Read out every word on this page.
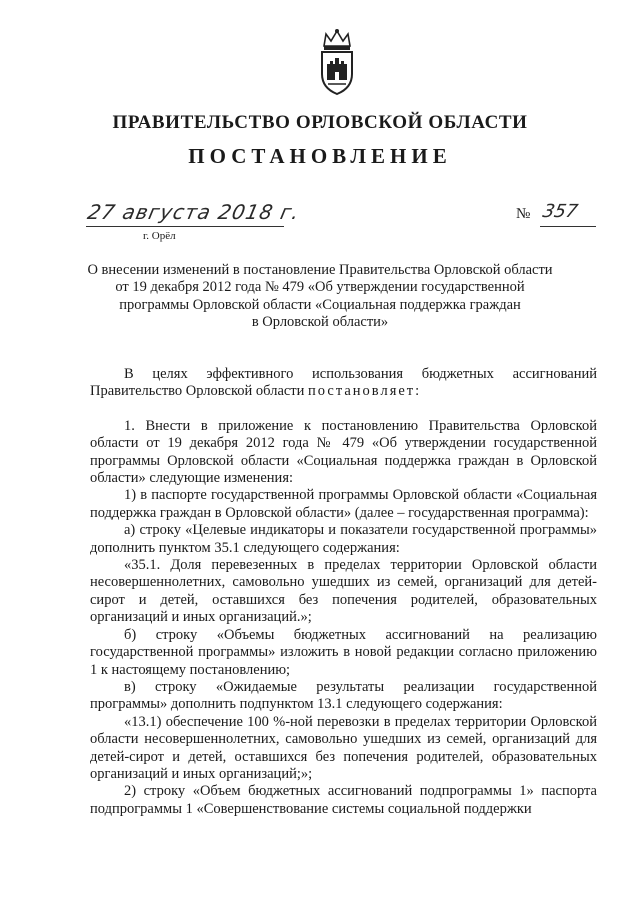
ПРАВИТЕЛЬСТВО ОРЛОВСКОЙ ОБЛАСТИ
ПОСТАНОВЛЕНИЕ
27 августа 2018 г.
г. Орёл
№ 357
О внесении изменений в постановление Правительства Орловской области
от 19 декабря 2012 года № 479 «Об утверждении государственной
программы Орловской области «Социальная поддержка граждан
в Орловской области»

В целях эффективного использования бюджетных ассигнований Правительство Орловской области постановляет:

1. Внести в приложение к постановлению Правительства Орловской области от 19 декабря 2012 года № 479 «Об утверждении государственной программы Орловской области «Социальная поддержка граждан в Орловской области» следующие изменения:

1) в паспорте государственной программы Орловской области «Социальная поддержка граждан в Орловской области» (далее – государственная программа):

а) строку «Целевые индикаторы и показатели государственной программы» дополнить пунктом 35.1 следующего содержания:

«35.1. Доля перевезенных в пределах территории Орловской области несовершеннолетних, самовольно ушедших из семей, организаций для детей-сирот и детей, оставшихся без попечения родителей, образовательных организаций и иных организаций.»;

б) строку «Объемы бюджетных ассигнований на реализацию государственной программы» изложить в новой редакции согласно приложению 1 к настоящему постановлению;

в) строку «Ожидаемые результаты реализации государственной программы» дополнить подпунктом 13.1 следующего содержания:

«13.1) обеспечение 100 %-ной перевозки в пределах территории Орловской области несовершеннолетних, самовольно ушедших из семей, организаций для детей-сирот и детей, оставшихся без попечения родителей, образовательных организаций и иных организаций;»;

2) строку «Объем бюджетных ассигнований подпрограммы 1» паспорта подпрограммы 1 «Совершенствование системы социальной поддержки
